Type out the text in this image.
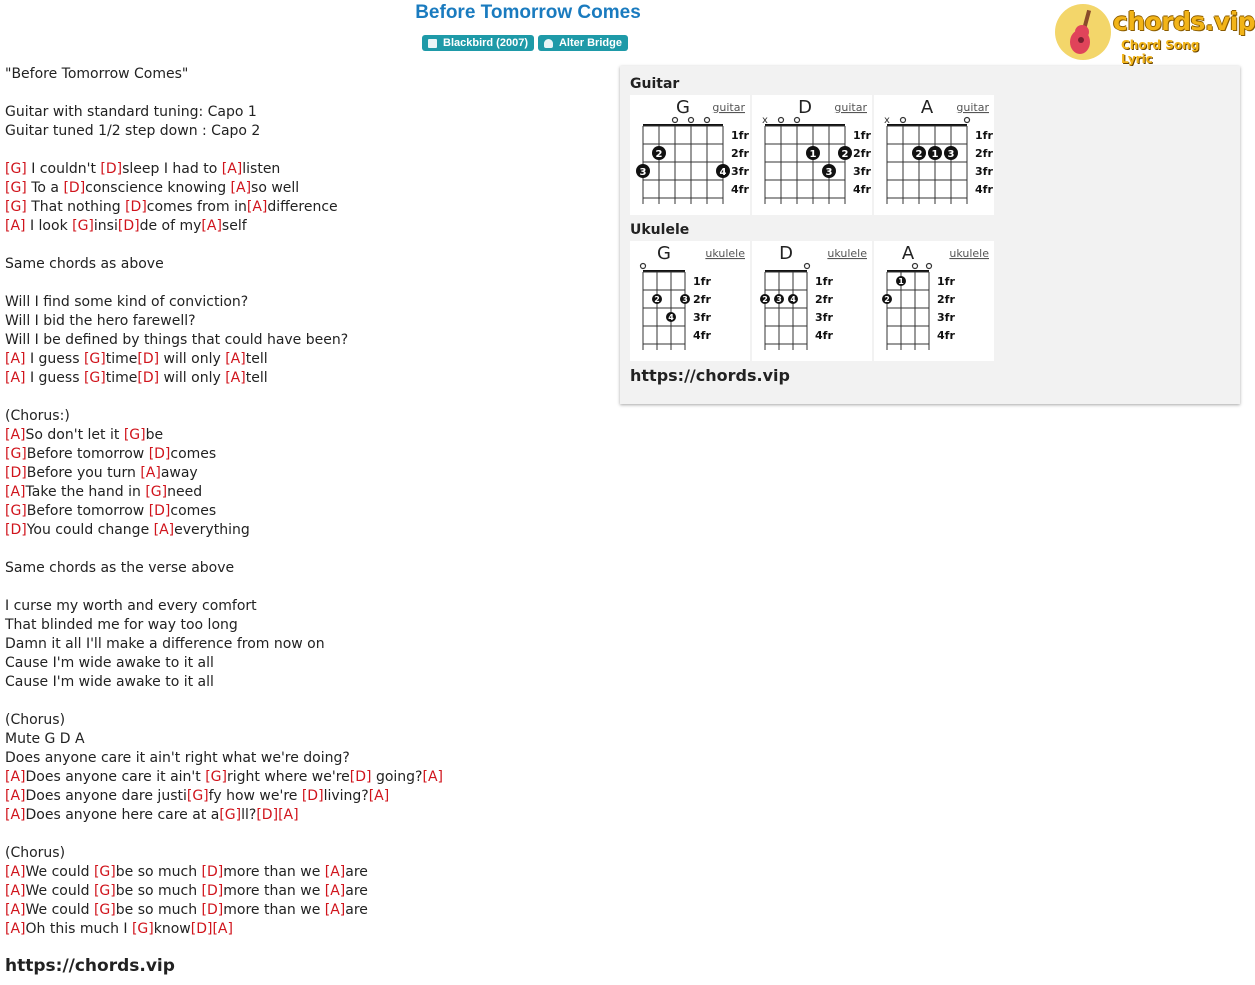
Before Tomorrow Comes
Blackbird (2007)	Alter Bridge
chords.vip
Chord Song Lyric
"Before Tomorrow Comes"
Guitar with standard tuning: Capo 1
Guitar tuned 1/2 step down : Capo 2
[G] I couldn't [D]sleep I had to [A]listen
[G] To a [D]conscience knowing [A]so well
[G] That nothing [D]comes from in[A]difference
[A] I look [G]insi[D]de of my[A]self
Same chords as above
Will I find some kind of conviction?
Will I bid the hero farewell?
Will I be defined by things that could have been?
[A] I guess [G]time[D] will only [A]tell
[A] I guess [G]time[D] will only [A]tell
(Chorus:)
[A]So don't let it [G]be
[G]Before tomorrow [D]comes
[D]Before you turn [A]away
[A]Take the hand in [G]need
[G]Before tomorrow [D]comes
[D]You could change [A]everything
Same chords as the verse above
I curse my worth and every comfort
That blinded me for way too long
Damn it all I'll make a difference from now on
Cause I'm wide awake to it all
Cause I'm wide awake to it all
(Chorus)
Mute G D A
Does anyone care it ain't right what we're doing?
[A]Does anyone care it ain't [G]right where we're[D] going?[A]
[A]Does anyone dare justi[G]fy how we're [D]living?[A]
[A]Does anyone here care at a[G]ll?[D][A]
(Chorus)
[A]We could [G]be so much [D]more than we [A]are
[A]We could [G]be so much [D]more than we [A]are
[A]We could [G]be so much [D]more than we [A]are
[A]Oh this much I [G]know[D][A]
https://chords.vip
Guitar
G guitar
1fr
2fr
3fr
4fr
3
2
4
D guitar
1fr
2fr
3fr
4fr
x
1
3
2
A guitar
1fr
2fr
3fr
4fr
x
2 1 3
Ukulele
G	ukulele
1fr
2fr
3fr
4fr
2
4
3
D	ukulele
1fr
2fr
3fr
4fr
2 3 4
A	ukulele
1fr
2fr
3fr
4fr
2
1
https://chords.vip
